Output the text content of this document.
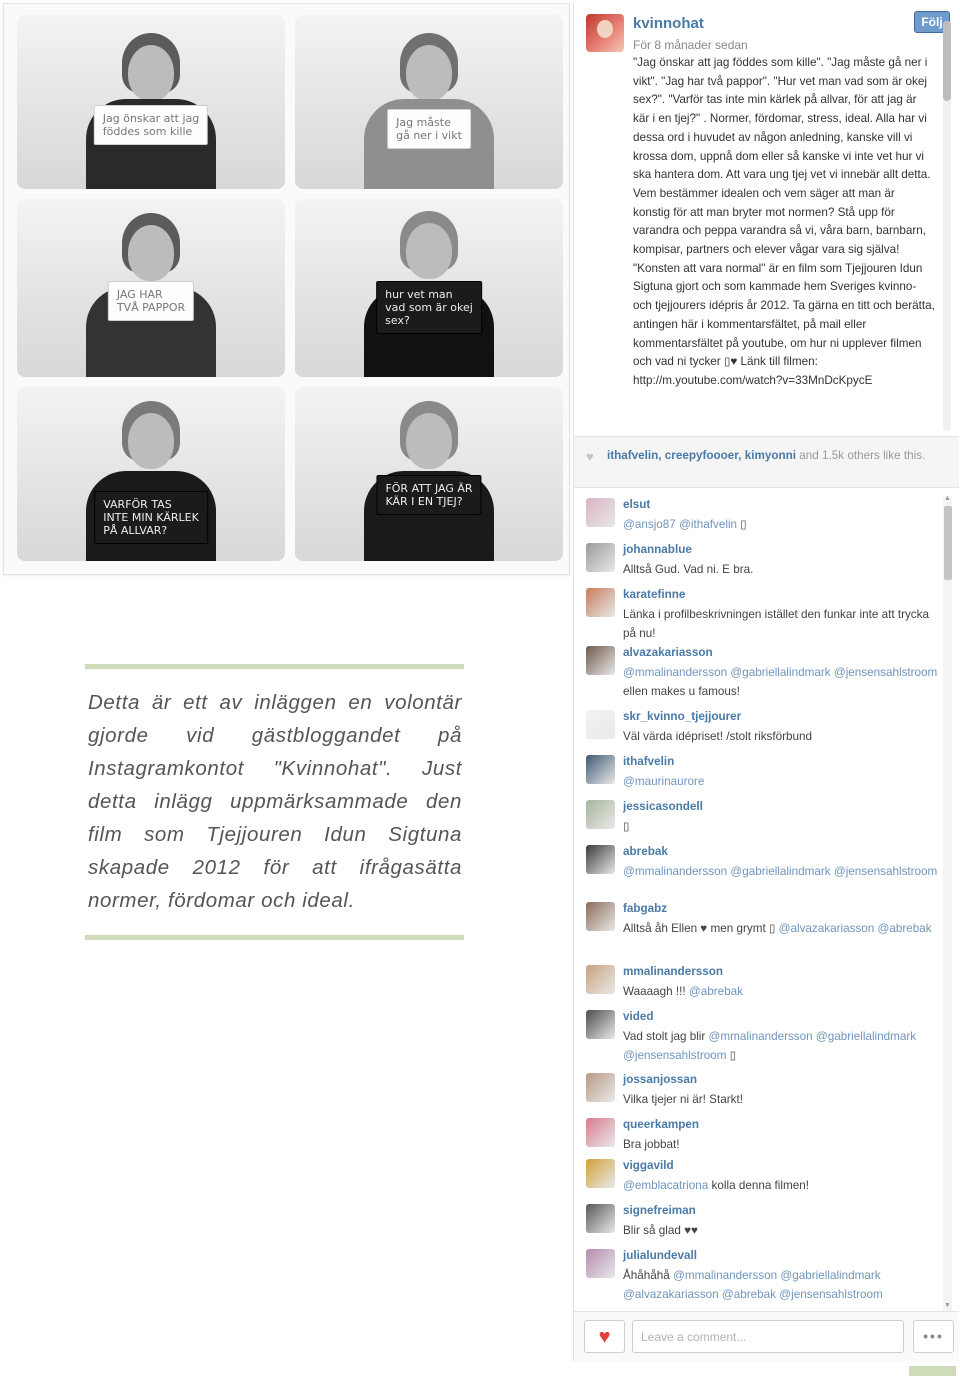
Jag önskar att jag
föddes som kille
Jag måste
gå ner i vikt
JAG HAR
TVÅ PAPPOR
hur vet man
vad som är okej
sex?
VARFÖR TAS
INTE MIN KÄRLEK
PÅ ALLVAR?
FÖR ATT JAG ÄR
KÄR I EN TJEJ?

Detta är ett av inläggen en volontär gjorde vid gästbloggandet på Instagramkontot "Kvinnohat". Just detta inlägg uppmärksammade den film som Tjejjouren Idun Sigtuna skapade 2012 för att ifrågasätta normer, fördomar och ideal.

kvinnohat
För 8 månader sedan
Följ

"Jag önskar att jag föddes som kille". "Jag måste gå ner i vikt". "Jag har två pappor". "Hur vet man vad som är okej sex?". "Varför tas inte min kärlek på allvar, för att jag är kär i en tjej?" . Normer, fördomar, stress, ideal. Alla har vi dessa ord i huvudet av någon anledning, kanske vill vi krossa dom, uppnå dom eller så kanske vi inte vet hur vi ska hantera dom. Att vara ung tjej vet vi innebär allt detta. Vem bestämmer idealen och vem säger att man är konstig för att man bryter mot normen? Stå upp för varandra och peppa varandra så vi, våra barn, barnbarn, kompisar, partners och elever vågar vara sig själva! "Konsten att vara normal" är en film som Tjejjouren Idun Sigtuna gjort och som kammade hem Sveriges kvinno- och tjejjourers idépris år 2012. Ta gärna en titt och berätta, antingen här i kommentarsfältet, på mail eller kommentarsfältet på youtube, om hur ni upplever filmen och vad ni tycker ▯♥ Länk till filmen: http://m.youtube.com/watch?v=33MnDcKpycE

♥ ithafvelin, creepyfoooer, kimyonni and 1.5k others like this.
elsut
@ansjo87 @ithafvelin ▯
johannablue
Alltså Gud. Vad ni. E bra.
karatefinne
Länka i profilbeskrivningen istället den funkar inte att trycka på nu!
alvazakariasson
@mmalinandersson @gabriellalindmark @jensensahlstroom ellen makes u famous!
skr_kvinno_tjejjourer
Väl värda idépriset! /stolt riksförbund
ithafvelin
@maurinaurore
jessicasondell
▯
abrebak
@mmalinandersson @gabriellalindmark @jensensahlstroom
fabgabz
Alltså åh Ellen ♥ men grymt ▯ @alvazakariasson @abrebak
mmalinandersson
Waaaagh !!! @abrebak
vided
Vad stolt jag blir @mmalinandersson @gabriellalindmark @jensensahlstroom ▯
jossanjossan
Vilka tjejer ni är! Starkt!
queerkampen
Bra jobbat!
viggavild
@emblacatriona kolla denna filmen!
signefreiman
Blir så glad ♥♥
julialundevall
Åhåhåhå @mmalinandersson @gabriellalindmark @alvazakariasson @abrebak @jensensahlstroom
▲
▼
♥
Leave a comment...	•••
